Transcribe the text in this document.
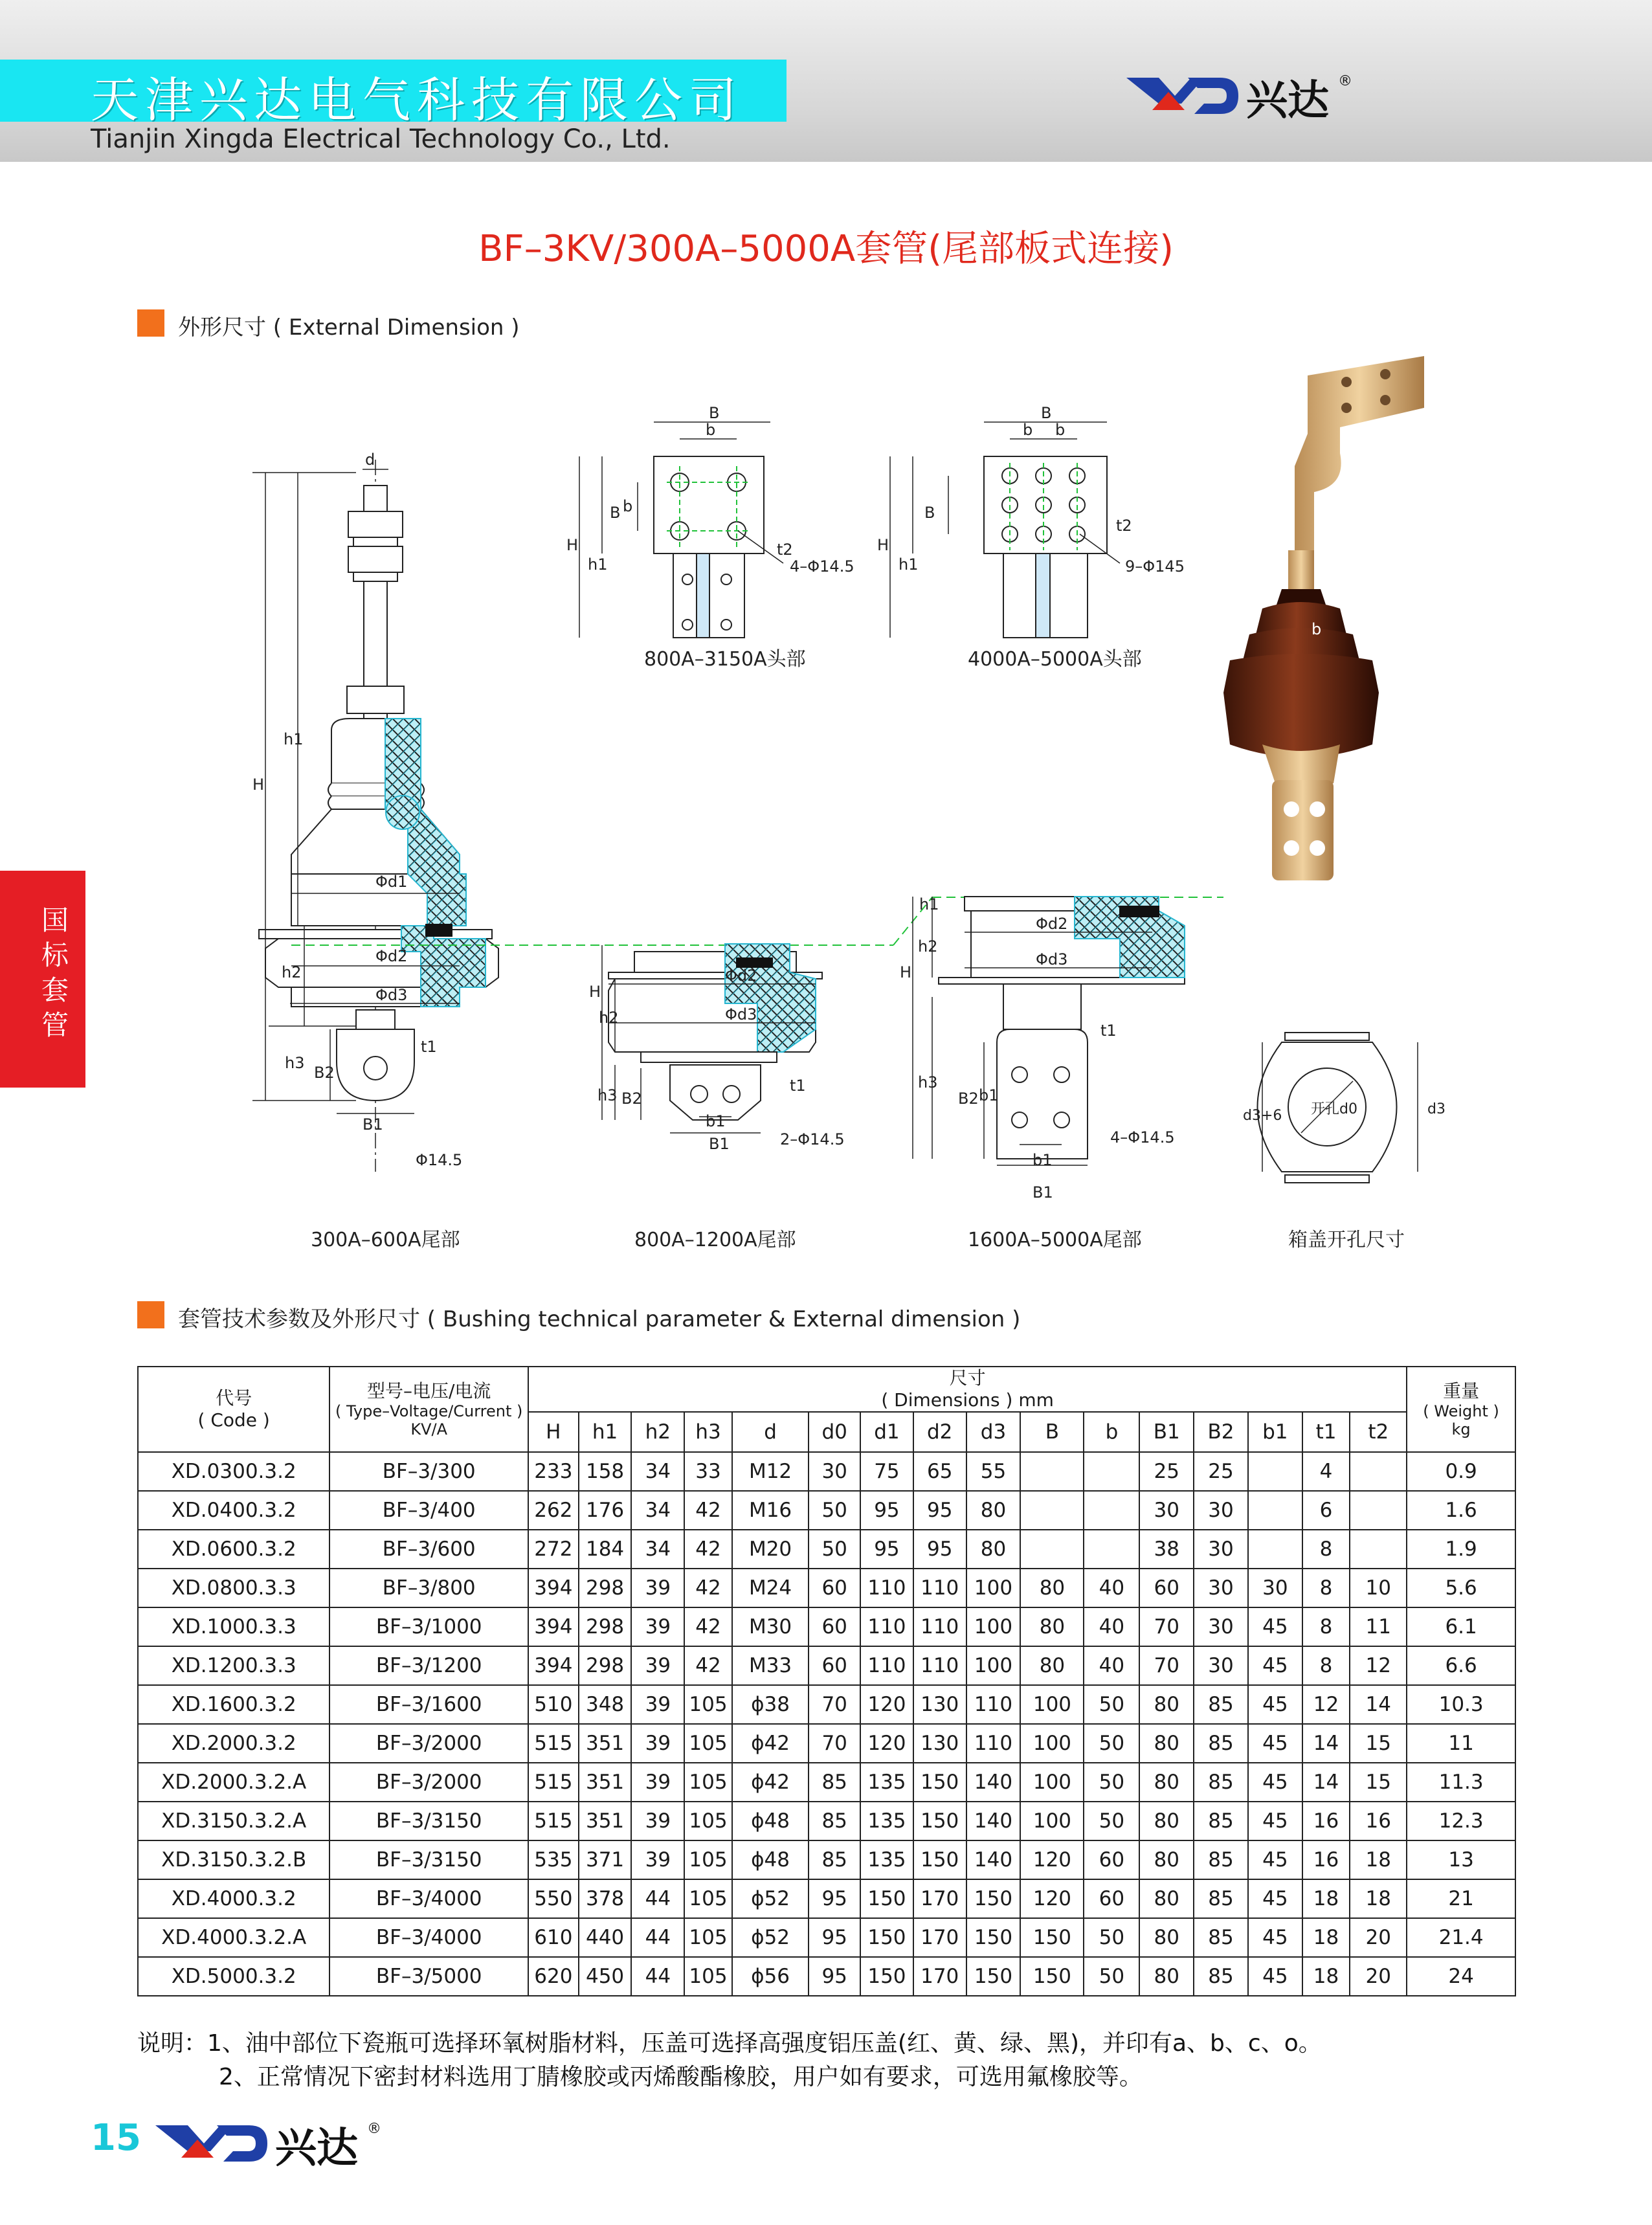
天津兴达电气科技有限公司
Tianjin Xingda Electrical Technology Co., Ltd.
兴达 ®
BF–3KV/300A–5000A套管(尾部板式连接)
外形尺寸 ( External Dimension )
国标套管
d
H
h1
h2
h3
B2
B1
t1
Φ14.5
Φd1
Φd2
Φd3
B
b
H
h1
B b
t2
4–Φ14.5
800A–3150A头部
B
b b
H
h1
B
t2
9–Φ145
4000A–5000A头部
Φd2
Φd3
H
h2
h3 B2
b1
B1
t1
2–Φ14.5
800A–1200A尾部
h1
Φd2
Φd3
H
h2
h3
B2 b1
b1
B1
t1
4–Φ14.5
1600A–5000A尾部
开孔d0
d3+6	d3
箱盖开孔尺寸
b
300A–600A尾部
套管技术参数及外形尺寸 ( Bushing technical parameter & External dimension )
代号
( Code )	型号–电压/电流

( Type–Voltage/Current )
KV/A	尺寸
( Dimensions ) mm																重量

( Weight )
kg

		H	h1	h2	h3	d	d0	d1	d2	d3	B	b	B1	B2	b1	t1	t2	
XD.0300.3.2	BF–3/300	233	158	34	33	M12	30	75	65	55			25	25		4		0.9
XD.0400.3.2	BF–3/400	262	176	34	42	M16	50	95	95	80			30	30		6		1.6
XD.0600.3.2	BF–3/600	272	184	34	42	M20	50	95	95	80			38	30		8		1.9
XD.0800.3.3	BF–3/800	394	298	39	42	M24	60	110	110	100	80	40	60	30	30	8	10	5.6
XD.1000.3.3	BF–3/1000	394	298	39	42	M30	60	110	110	100	80	40	70	30	45	8	11	6.1
XD.1200.3.3	BF–3/1200	394	298	39	42	M33	60	110	110	100	80	40	70	30	45	8	12	6.6
XD.1600.3.2	BF–3/1600	510	348	39	105	ϕ38	70	120	130	110	100	50	80	85	45	12	14	10.3
XD.2000.3.2	BF–3/2000	515	351	39	105	ϕ42	70	120	130	110	100	50	80	85	45	14	15	11
XD.2000.3.2.A	BF–3/2000	515	351	39	105	ϕ42	85	135	150	140	100	50	80	85	45	14	15	11.3
XD.3150.3.2.A	BF–3/3150	515	351	39	105	ϕ48	85	135	150	140	100	50	80	85	45	16	16	12.3
XD.3150.3.2.B	BF–3/3150	535	371	39	105	ϕ48	85	135	150	140	120	60	80	85	45	16	18	13
XD.4000.3.2	BF–3/4000	550	378	44	105	ϕ52	95	150	170	150	120	60	80	85	45	18	18	21
XD.4000.3.2.A	BF–3/4000	610	440	44	105	ϕ52	95	150	170	150	150	50	80	85	45	18	20	21.4
XD.5000.3.2	BF–3/5000	620	450	44	105	ϕ56	95	150	170	150	150	50	80	85	45	18	20	24
说明：1、油中部位下瓷瓶可选择环氧树脂材料，压盖可选择高强度铝压盖(红、黄、绿、黑)，并印有a、b、c、o。
2、正常情况下密封材料选用丁腈橡胶或丙烯酸酯橡胶，用户如有要求，可选用氟橡胶等。
15	兴达 ®
